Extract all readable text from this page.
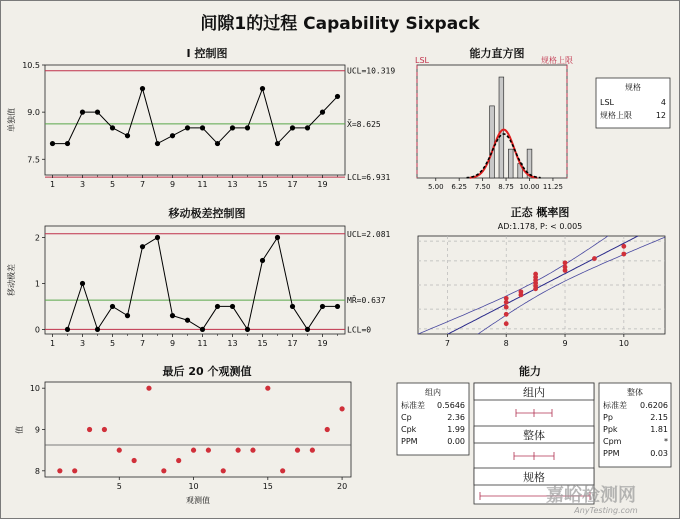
间隙1的过程 Capability Sixpack
I 控制图
单独值
UCL=10.319
X̄=8.625
LCL=6.931
1	3	5	7	9	11 13 15 17 19
7.5
9.0
10.5
移动极差控制图
移动极差
UCL=2.081
MR̄=0.637
LCL=0
1	3	5	7	9	11 13 15 17 19
0
1
2
最后 20 个观测值
值
观测值
5	10	15	20
8
9
10
能力直方图
LSL	规格上限
5.00 6.25 7.50 8.75 10.00 11.25
规格
LSL	4
规格上限	12
正态 概率图
AD:1.178, P: < 0.005
7	8	9	10
能力
组内	整体
组内
整体
规格
标准差 0.5646
Cp	2.36
Cpk	1.99
PPM	0.00
标准差 0.6206
Pp	2.15
Ppk	1.81
Cpm	*
PPM	0.03
嘉峪检测网
AnyTesting.com
